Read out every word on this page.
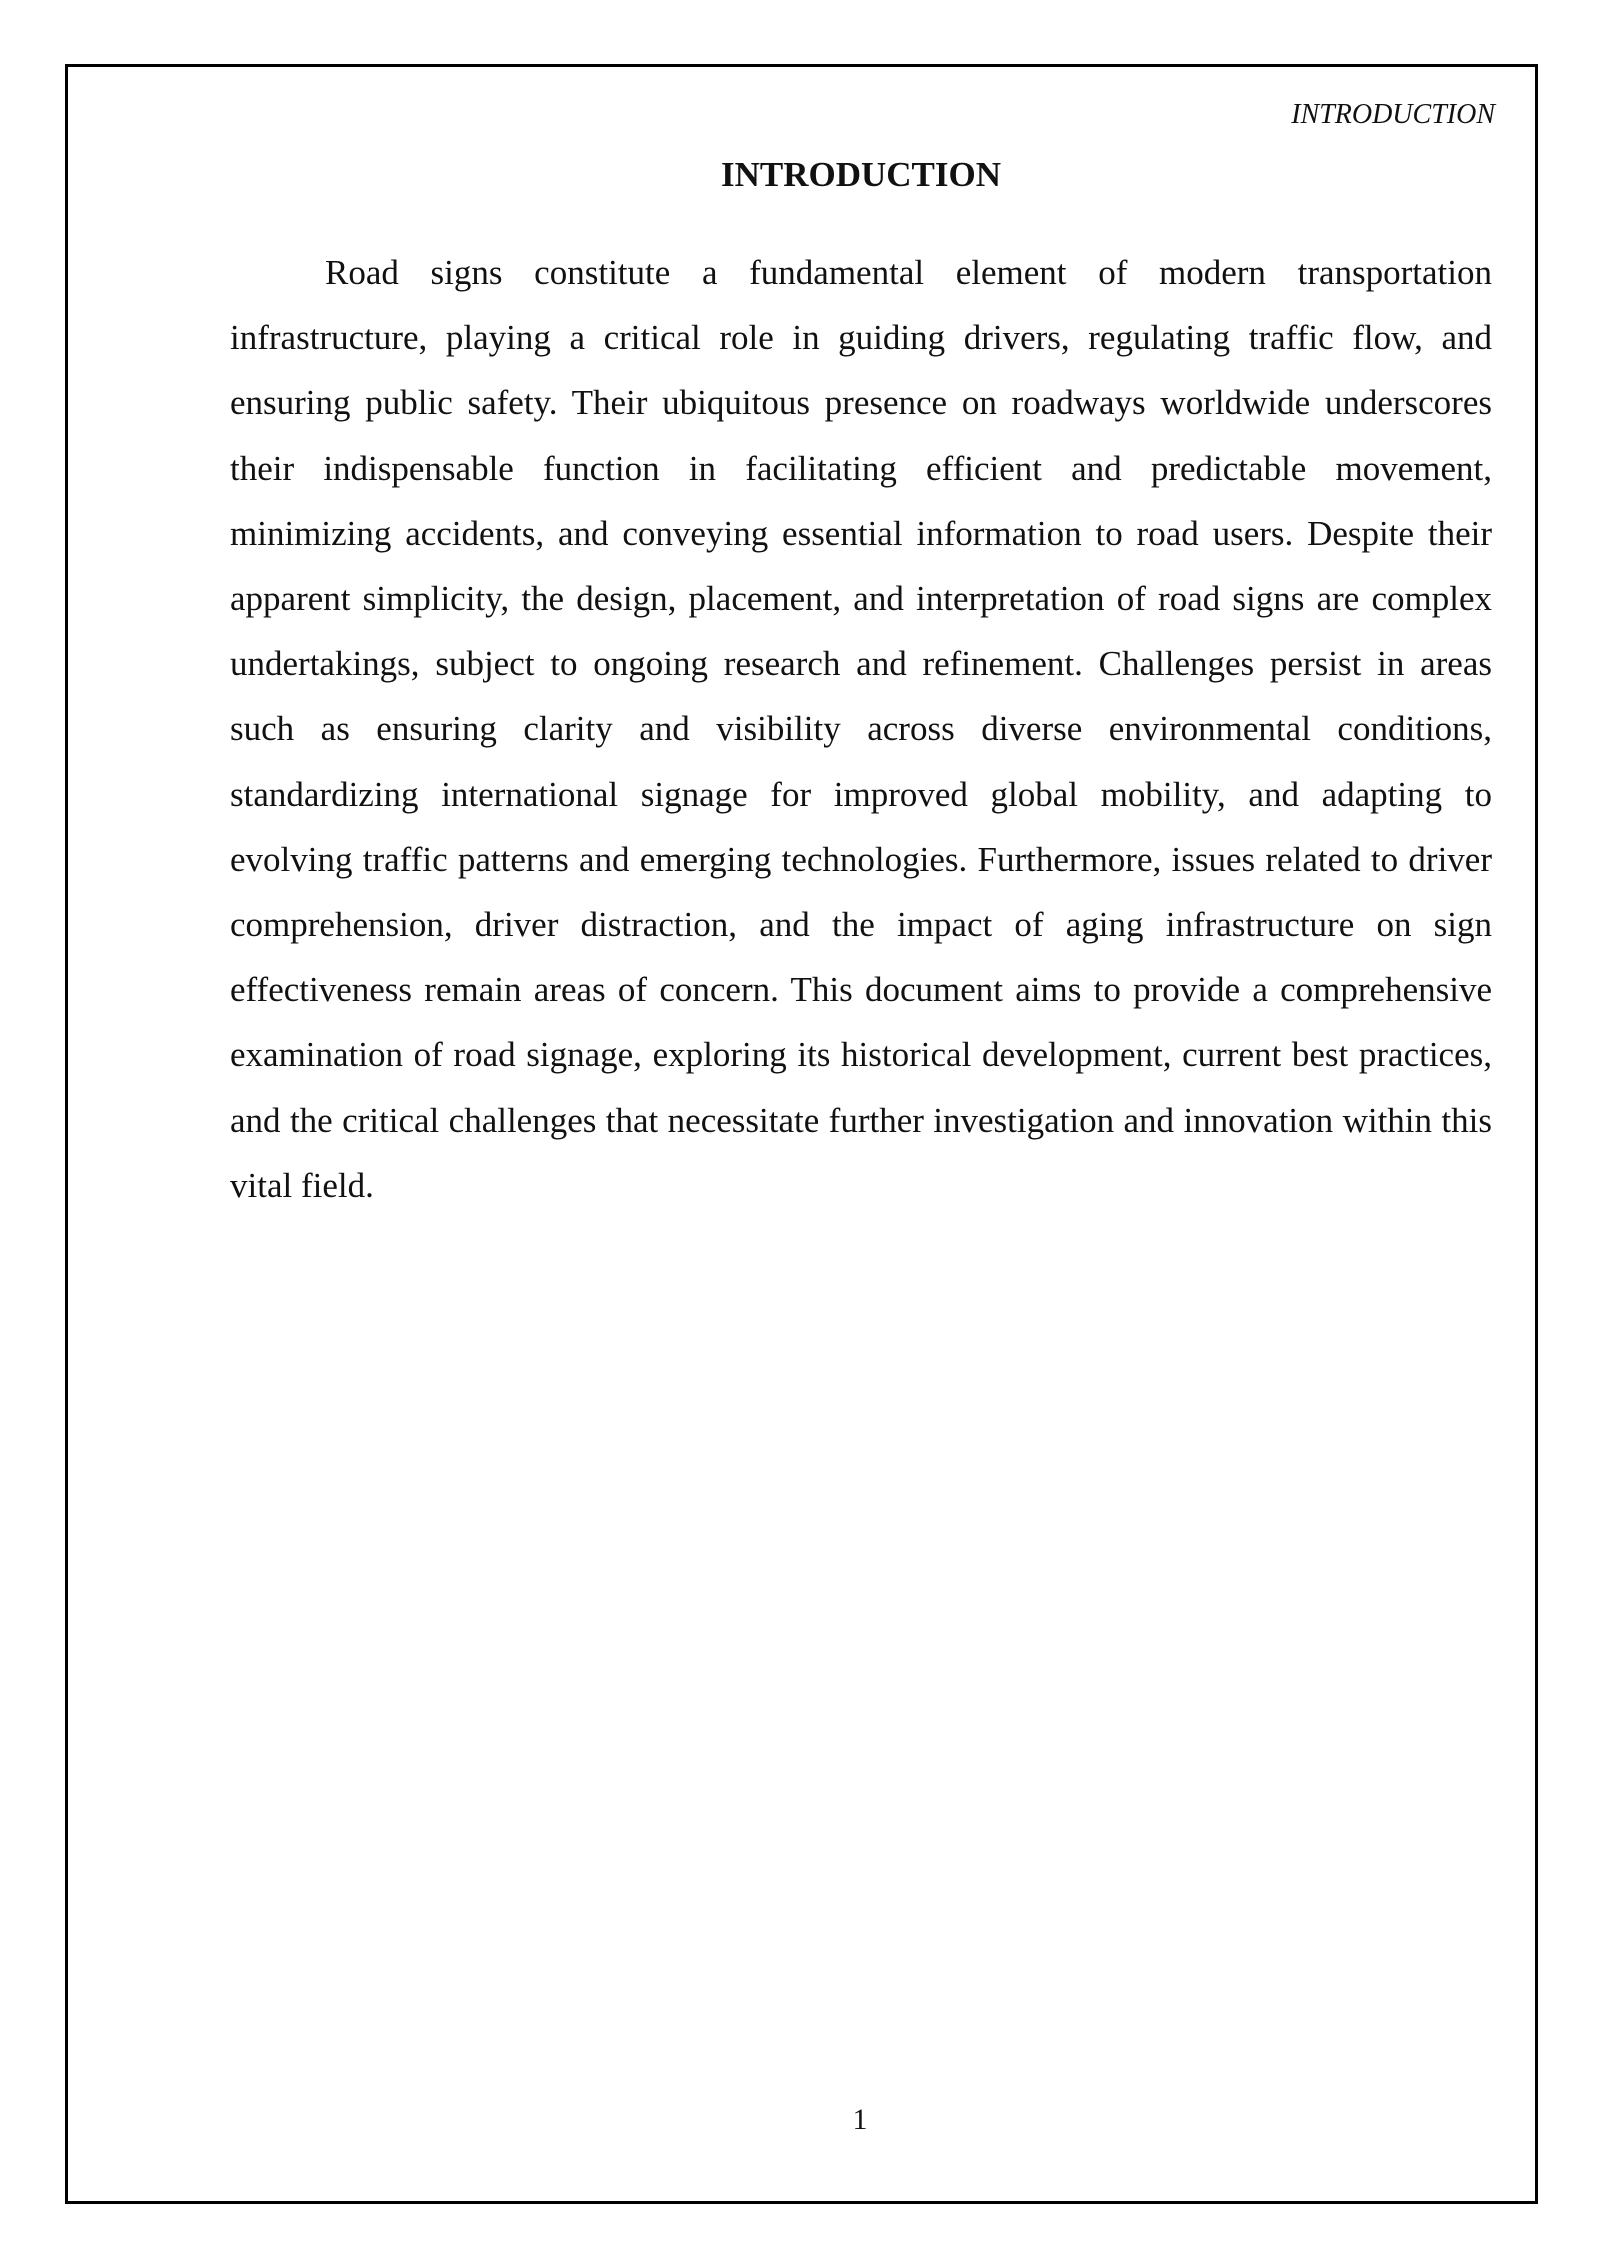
INTRODUCTION
INTRODUCTION

Road signs constitute a fundamental element of modern transportation infrastructure, playing a critical role in guiding drivers, regulating traffic flow, and ensuring public safety. Their ubiquitous presence on roadways worldwide underscores their indispensable function in facilitating efficient and predictable movement, minimizing accidents, and conveying essential information to road users. Despite their apparent simplicity, the design, placement, and interpretation of road signs are complex undertakings, subject to ongoing research and refinement. Challenges persist in areas such as ensuring clarity and visibility across diverse environmental conditions, standardizing international signage for improved global mobility, and adapting to evolving traffic patterns and emerging technologies. Furthermore, issues related to driver comprehension, driver distraction, and the impact of aging infrastructure on sign effectiveness remain areas of concern. This document aims to provide a comprehensive examination of road signage, exploring its historical development, current best practices, and the critical challenges that necessitate further investigation and innovation within this vital field.

1
